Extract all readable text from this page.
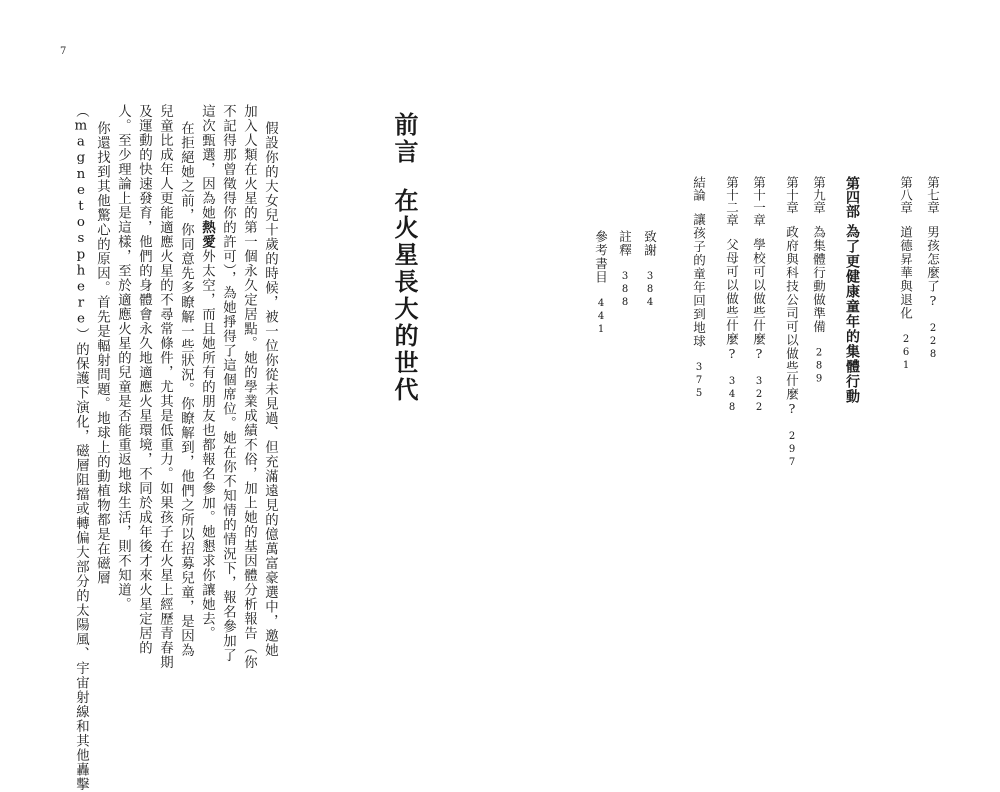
7
前言在火星長大的世代
假設你的大女兒十歲的時候，被一位你從未見過、但充滿遠見的億萬富豪選中，邀她
加入人類在火星的第一個永久定居點。她的學業成績不俗，加上她的基因體分析報告（你
不記得那曾徵得你的許可），為她掙得了這個席位。她在你不知情的情況下，報名參加了
這次甄選，因為她熱愛外太空，而且她所有的朋友也都報名參加。她懇求你讓她去。
在拒絕她之前，你同意先多瞭解一些狀況。你瞭解到，他們之所以招募兒童，是因為
兒童比成年人更能適應火星的不尋常條件，尤其是低重力。如果孩子在火星上經歷青春期
及運動的快速發育，他們的身體會永久地適應火星環境，不同於成年後才來火星定居的
人。至少理論上是這樣，至於適應火星的兒童是否能重返地球生活，則不知道。
你還找到其他驚心的原因。首先是輻射問題。地球上的動植物都是在磁層
（magnetosphere）的保護下演化，磁層阻擋或轉偏大部分的太陽風、宇宙射線和其他轟擊	第七章男孩怎麼了?228
第八章道德昇華與退化261
第四部為了更健康童年的集體行動
第九章為集體行動做準備289
第十章政府與科技公司可以做些什麼?297
第十一章學校可以做些什麼?322
第十二章父母可以做些什麼?348
結論讓孩子的童年回到地球375
致謝384
註釋388
參考書目441
